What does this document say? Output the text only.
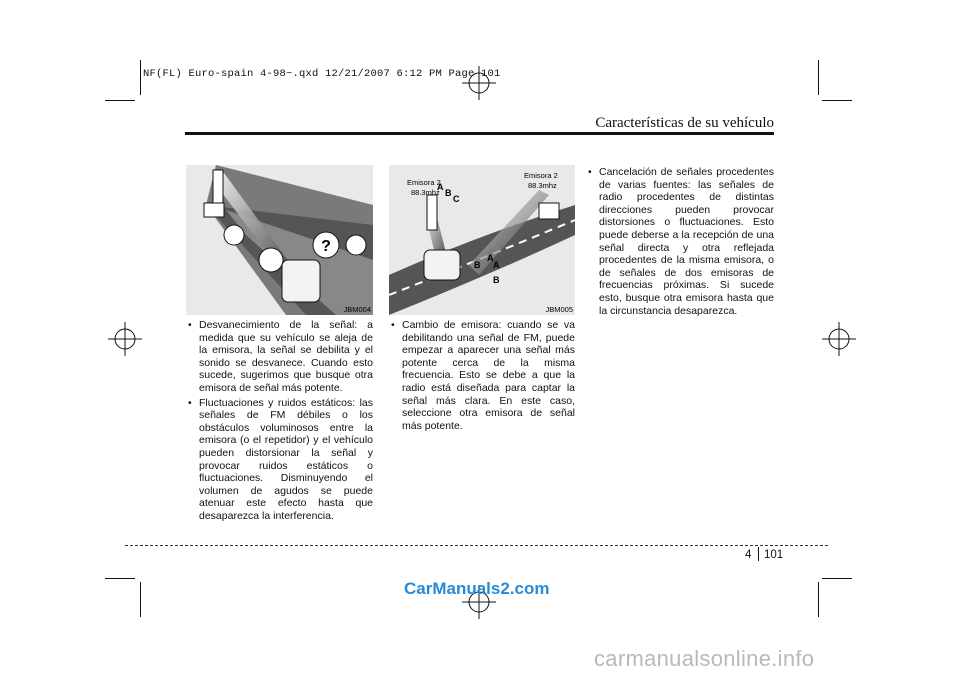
NF(FL) Euro-spain 4-98~.qxd 12/21/2007 6:12 PM Page 101
Características de su vehículo
?
JBM004
Emisora 2
88.3mhz
Emisora 2
88.3mhz
A
B
C
A
B A
B
JBM005
• Desvanecimiento de la señal: a medida que su vehículo se aleja de la emisora, la señal se debilita y el sonido se desvanece. Cuando esto sucede, sugerimos que busque otra emisora de señal más potente.
• Fluctuaciones y ruidos estáticos: las señales de FM débiles o los obstáculos voluminosos entre la emisora (o el repetidor) y el vehículo pueden distorsionar la señal y provocar ruidos estáticos o fluctuaciones. Disminuyendo el volumen de agudos se puede atenuar este efecto hasta que desaparezca la interferencia.
• Cambio de emisora: cuando se va debilitando una señal de FM, puede empezar a aparecer una señal más potente cerca de la misma frecuencia. Esto se debe a que la radio está diseñada para captar la señal más clara. En este caso, seleccione otra emisora de señal más potente.
• Cancelación de señales procedentes de varias fuentes: las señales de radio procedentes de distintas direcciones pueden provocar distorsiones o fluctuaciones. Esto puede deberse a la recepción de una señal directa y otra reflejada procedentes de la misma emisora, o de señales de dos emisoras de frecuencias próximas. Si sucede esto, busque otra emisora hasta que la circunstancia desaparezca.
4 101
CarManuals2.com
carmanualsonline.info
